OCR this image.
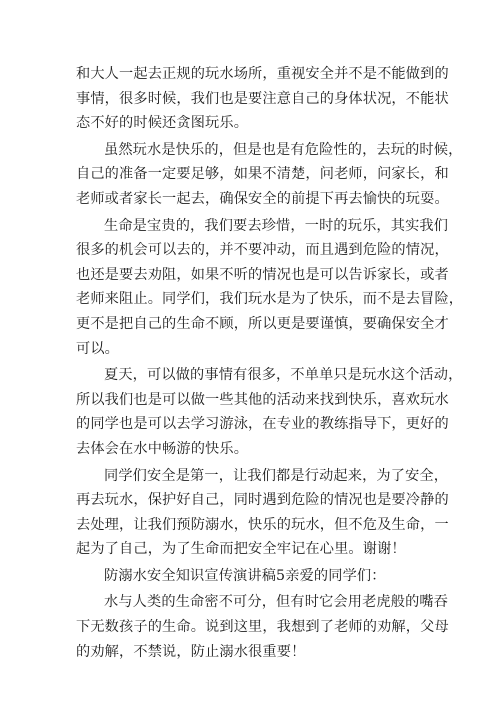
和大人一起去正规的玩水场所，重视安全并不是不能做到的
事情，很多时候，我们也是要注意自己的身体状况，不能状
态不好的时候还贪图玩乐。

虽然玩水是快乐的，但是也是有危险性的，去玩的时候，
自己的准备一定要足够，如果不清楚，问老师，问家长，和
老师或者家长一起去，确保安全的前提下再去愉快的玩耍。

生命是宝贵的，我们要去珍惜，一时的玩乐，其实我们
很多的机会可以去的，并不要冲动，而且遇到危险的情况，
也还是要去劝阻，如果不听的情况也是可以告诉家长，或者
老师来阻止。同学们，我们玩水是为了快乐，而不是去冒险，
更不是把自己的生命不顾，所以更是要谨慎，要确保安全才
可以。

夏天，可以做的事情有很多，不单单只是玩水这个活动，
所以我们也是可以做一些其他的活动来找到快乐，喜欢玩水
的同学也是可以去学习游泳，在专业的教练指导下，更好的
去体会在水中畅游的快乐。

同学们安全是第一，让我们都是行动起来，为了安全，
再去玩水，保护好自己，同时遇到危险的情况也是要冷静的
去处理，让我们预防溺水，快乐的玩水，但不危及生命，一
起为了自己，为了生命而把安全牢记在心里。谢谢！

防溺水安全知识宣传演讲稿5亲爱的同学们：

水与人类的生命密不可分，但有时它会用老虎般的嘴吞
下无数孩子的生命。说到这里，我想到了老师的劝解，父母
的劝解，不禁说，防止溺水很重要！
